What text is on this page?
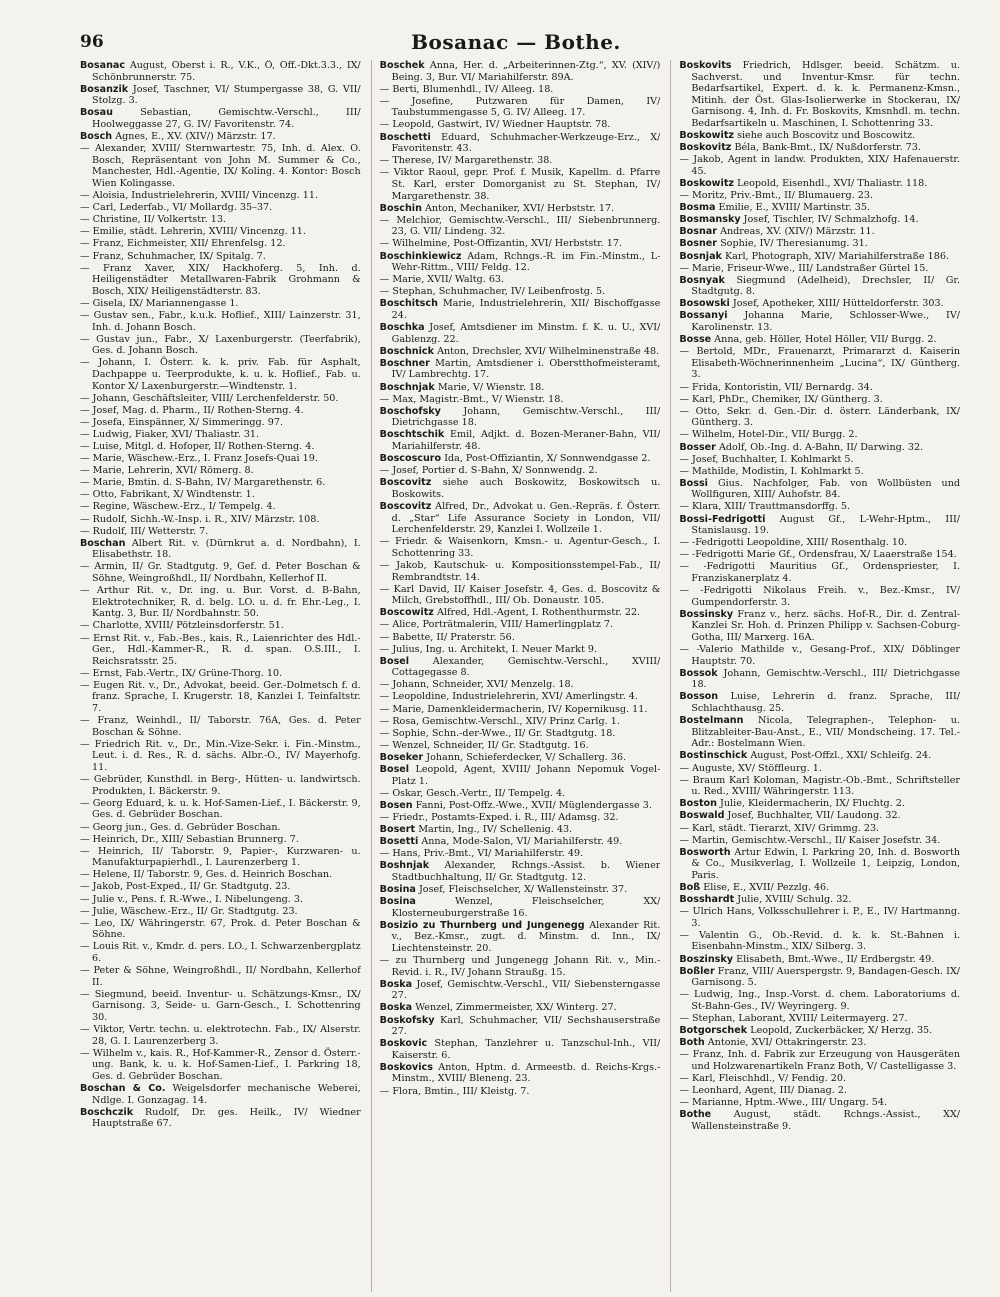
96	Bosanac — Bothe.

Bosanac August, Oberst i. R., V.K., Ö, Off.-Dkt.3.3., IX/ Schönbrunnerstr. 75.

Bosanzik Josef, Taschner, VI/ Stumpergasse 38, G. VII/ Stolzg. 3.

Bosau	Sebastian, Gemischtw.-Verschl., III/ Hoolweggasse 27, G. IV/ Favoritenstr. 74.

Bosch Agnes, E., XV. (XIV/) Märzstr. 17.

— Alexander, XVIII/ Sternwartestr. 75, Inh. d. Alex. O. Bosch, Repräsentant von John M. Summer & Co., Manchester, Hdl.-Agentie, IX/ Koling. 4. Kontor: Bosch Wien Kolingasse.

— Aloisia, Industrielehrerin, XVIII/ Vincenzg. 11.

— Carl, Lederfab., VI/ Mollardg. 35–37.

— Christine, II/ Volkertstr. 13.

— Emilie, städt. Lehrerin, XVIII/ Vincenzg. 11.

— Franz, Eichmeister, XII/ Ehrenfelsg. 12.

— Franz, Schuhmacher, IX/ Spitalg. 7.

— Franz Xaver, XIX/ Hackhoferg. 5, Inh. d. Heiligenstädter Metallwaren-Fabrik Grohmann & Bosch, XIX/ Heiligenstädterstr. 83.

— Gisela, IX/ Mariannengasse 1.

— Gustav sen., Fabr., k.u.k. Hoflief., XIII/ Lainzerstr. 31, Inh. d. Johann Bosch.

— Gustav jun., Fabr., X/ Laxenburgerstr. (Teerfabrik), Ges. d. Johann Bosch.

— Johann, I. Österr. k. k. priv. Fab. für Asphalt, Dachpappe u. Teerprodukte, k. u. k. Hoflief., Fab. u. Kontor X/ Laxenburgerstr.—Windtenstr. 1.

— Johann, Geschäftsleiter, VIII/ Lerchenfelderstr. 50.

— Josef, Mag. d. Pharm., II/ Rothen-Sterng. 4.

— Josefa, Einspänner, X/ Simmeringg. 97.

— Ludwig, Fiaker, XVI/ Thaliastr. 31.

— Luise, Mitgl. d. Hofoper, II/ Rothen-Sterng. 4.

— Marie, Wäschew.-Erz., I. Franz Josefs-Quai 19.

— Marie, Lehrerin, XVI/ Römerg. 8.

— Marie, Bmtin. d. S-Bahn, IV/ Margarethenstr. 6.

— Otto, Fabrikant, X/ Windtenstr. 1.

— Regine, Wäschew.-Erz., I/ Tempelg. 4.

— Rudolf, Sichh.-W.-Insp. i. R., XIV/ Märzstr. 108.

— Rudolf, III/ Wetterstr. 7.

Boschan Albert Rit. v. (Dürnkrut a. d. Nordbahn), I. Elisabethstr. 18.

— Armin, II/ Gr. Stadtgutg. 9, Gef. d. Peter Boschan & Söhne, Weingroßhdl., II/ Nordbahn, Kellerhof II.

— Arthur Rit. v., Dr. ing. u. Bur. Vorst. d. B-Bahn, Elektrotechniker, R. d. belg. LO. u. d. fr. Ehr.-Leg., I. Kantg. 3, Bur. II/ Nordbahnstr. 50.

— Charlotte, XVIII/ Pötzleinsdorferstr. 51.

— Ernst Rit. v., Fab.-Bes., kais. R., Laienrichter des Hdl.-Ger., Hdl.-Kammer-R., R. d. span. O.S.III., I. Reichsratsstr. 25.

— Ernst, Fab.-Vertr., IX/ Grüne-Thorg. 10.

— Eugen Rit. v., Dr., Advokat, beeid. Ger.-Dolmetsch f. d. franz. Sprache, I. Krugerstr. 18, Kanzlei I. Teinfaltstr. 7.

— Franz, Weinhdl., II/ Taborstr. 76A, Ges. d. Peter Boschan & Söhne.

— Friedrich Rit. v., Dr., Min.-Vize-Sekr. i. Fin.-Minstm., Leut. i. d. Res., R. d. sächs. Albr.-O., IV/ Mayerhofg. 11.

— Gebrüder, Kunsthdl. in Berg-, Hütten- u. landwirtsch. Produkten, I. Bäckerstr. 9.

— Georg Eduard, k. u. k. Hof-Samen-Lief., I. Bäckerstr. 9, Ges. d. Gebrüder Boschan.

— Georg jun., Ges. d. Gebrüder Boschan.

— Heinrich, Dr., XIII/ Sebastian Brunnerg. 7.

— Heinrich, II/ Taborstr. 9, Papier-, Kurzwaren- u. Manufakturpapierhdl., I. Laurenzerberg 1.

— Helene, II/ Taborstr. 9, Ges. d. Heinrich Boschan.

— Jakob, Post-Exped., II/ Gr. Stadtgutg. 23.

— Julie v., Pens. f. R.-Wwe., I. Nibelungeng. 3.

— Julie, Wäschew.-Erz., II/ Gr. Stadtgutg. 23.

— Leo, IX/ Währingerstr. 67, Prok. d. Peter Boschan & Söhne.

— Louis Rit. v., Kmdr. d. pers. LO., I. Schwarzenbergplatz 6.

— Peter & Söhne, Weingroßhdl., II/ Nordbahn, Kellerhof II.

— Siegmund, beeid. Inventur- u. Schätzungs-Kmsr., IX/ Garnisong. 3, Seide- u. Garn-Gesch., I. Schottenring 30.

— Viktor, Vertr. techn. u. elektrotechn. Fab., IX/ Alserstr. 28, G. I. Laurenzerberg 3.

— Wilhelm v., kais. R., Hof-Kammer-R., Zensor d. Österr.-ung. Bank, k. u. k. Hof-Samen-Lief., I. Parkring 18, Ges. d. Gebrüder Boschan.

Boschan & Co. Weigelsdorfer mechanische Weberei, Ndlge. I. Gonzagag. 14.

Boschczik Rudolf, Dr. ges. Heilk., IV/ Wiedner Hauptstraße 67.

Boschek Anna, Her. d. „Arbeiterinnen-Ztg.“, XV. (XIV/) Being. 3, Bur. VI/ Mariahilferstr. 89A.

— Berti, Blumenhdl., IV/ Alleeg. 18.

— Josefine, Putzwaren für Damen, IV/ Taubstummengasse 5, G. IV/ Alleeg. 17.

— Leopold, Gastwirt, IV/ Wiedner Hauptstr. 78.

Boschetti Eduard, Schuhmacher-Werkzeuge-Erz., X/ Favoritenstr. 43.

— Therese, IV/ Margarethenstr. 38.

— Viktor Raoul, gepr. Prof. f. Musik, Kapellm. d. Pfarre St. Karl, erster Domorganist zu St. Stephan, IV/ Margarethenstr. 38.

Boschin Anton, Mechaniker, XVI/ Herbststr. 17.

— Melchior, Gemischtw.-Verschl., III/ Siebenbrunnerg. 23, G. VII/ Lindeng. 32.

— Wilhelmine, Post-Offizantin, XVI/ Herbststr. 17.

Boschinkiewicz Adam, Rchngs.-R. im Fin.-Minstm., L-Wehr-Rittm., VIII/ Feldg. 12.

— Marie, XVII/ Waltg. 63.

— Stephan, Schuhmacher, IV/ Leibenfrostg. 5.

Boschitsch Marie, Industrielehrerin, XII/ Bischoffgasse 24.

Boschka Josef, Amtsdiener im Minstm. f. K. u. U., XVI/ Gablenzg. 22.

Boschnick Anton, Drechsler, XVI/ Wilhelminenstraße 48.

Boschner Martin, Amtsdiener i. Oberstthofmeisteramt, IV/ Lambrechtg. 17.

Boschnjak Marie, V/ Wienstr. 18.

— Max, Magistr.-Bmt., V/ Wienstr. 18.

Boschofsky Johann, Gemischtw.-Verschl., III/ Dietrichgasse 18.

Boschtschik Emil, Adjkt. d. Bozen-Meraner-Bahn, VII/ Mariahilferstr. 48.

Boscoscuro Ida, Post-Offiziantin, X/ Sonnwendgasse 2.

— Josef, Portier d. S-Bahn, X/ Sonnwendg. 2.

Boscovitz siehe auch Boskowitz, Boskowitsch u. Boskowits.

Boscovitz Alfred, Dr., Advokat u. Gen.-Repräs. f. Österr. d. „Star“ Life Assurance Society in London, VII/ Lerchenfelderstr. 29, Kanzlei I. Wollzeile 1.

— Friedr. & Waisenkorn, Kmsn.- u. Agentur-Gesch., I. Schottenring 33.

— Jakob, Kautschuk- u. Kompositionsstempel-Fab., II/ Rembrandtstr. 14.

— Karl David, II/ Kaiser Josefstr. 4, Ges. d. Boscovitz & Milch, Grebstoffhdl., III/ Ob. Donaustr. 105.

Boscowitz Alfred, Hdl.-Agent, I. Rothenthurmstr. 22.

— Alice, Porträtmalerin, VIII/ Hamerlingplatz 7.

— Babette, II/ Praterstr. 56.

— Julius, Ing. u. Architekt, I. Neuer Markt 9.

Bosel Alexander, Gemischtw.-Verschl., XVIII/ Cottagegasse 8.

— Johann, Schneider, XVI/ Menzelg. 18.

— Leopoldine, Industrielehrerin, XVI/ Amerlingstr. 4.

— Marie, Damenkleidermacherin, IV/ Kopernikusg. 11.

— Rosa, Gemischtw.-Verschl., XIV/ Prinz Carlg. 1.

— Sophie, Schn.-der-Wwe., II/ Gr. Stadtgutg. 18.

— Wenzel, Schneider, II/ Gr. Stadtgutg. 16.

Boseker Johann, Schieferdecker, V/ Schallerg. 36.

Bosel Leopold, Agent, XVIII/ Johann Nepomuk Vogel-Platz 1.

— Oskar, Gesch.-Vertr., II/ Tempelg. 4.

Bosen Fanni, Post-Offz.-Wwe., XVII/ Müglendergasse 3.

— Friedr., Postamts-Exped. i. R., III/ Adamsg. 32.

Bosert Martin, Ing., IV/ Schellenig. 43.

Bosetti Anna, Mode-Salon, VI/ Mariahilferstr. 49.

— Hans, Priv.-Bmt., VI/ Mariahilferstr. 49.

Boshnjak Alexander, Rchngs.-Assist. b. Wiener Stadtbuchhaltung, II/ Gr. Stadtgutg. 12.

Bosina Josef, Fleischselcher, X/ Wallensteinstr. 37.

Bosina	Wenzel, Fleischselcher, XX/ Klosterneuburgerstraße 16.

Bosizio zu Thurnberg und Jungenegg Alexander Rit. v., Bez.-Kmsr., zugt. d. Minstm. d. Inn., IX/ Liechtensteinstr. 20.

— zu Thurnberg und Jungenegg Johann Rit. v., Min.-Revid. i. R., IV/ Johann Straußg. 15.

Boska Josef, Gemischtw.-Verschl., VII/ Siebensterngasse 27.

Boska Wenzel, Zimmermeister, XX/ Winterg. 27.

Boskofsky Karl, Schuhmacher, VII/ Sechshauserstraße 27.

Boskovic Stephan, Tanzlehrer u. Tanzschul-Inh., VII/ Kaiserstr. 6.

Boskovics Anton, Hptm. d. Armeestb. d. Reichs-Krgs.-Minstm., XVIII/ Bleneng. 23.

— Flora, Bmtin., III/ Kleistg. 7.

Boskovits Friedrich, Hdlsger. beeid. Schätzm. u. Sachverst. und Inventur-Kmsr. für techn. Bedarfsartikel, Expert. d. k. k. Permanenz-Kmsn., Mitinh. der Öst. Glas-Isolierwerke in Stockerau, IX/ Garnisong. 4, Inh. d. Fr. Boskovits, Kmsnhdl. m. techn. Bedarfsartikeln u. Maschinen, I. Schottenring 33.

Boskowitz siehe auch Boscovitz und Boscowitz.

Boskovitz Béla, Bank-Bmt., IX/ Nußdorferstr. 73.

— Jakob, Agent in landw. Produkten, XIX/ Hafenauerstr. 45.

Boskowitz Leopold, Eisenhdl., XVI/ Thaliastr. 118.

— Moritz, Priv.-Bmt., II/ Blumauerg. 23.

Bosma Emilie, E., XVIII/ Martinstr. 35.

Bosmansky Josef, Tischler, IV/ Schmalzhofg. 14.

Bosnar Andreas, XV. (XIV/) Märzstr. 11.

Bosner Sophie, IV/ Theresianumg. 31.

Bosnjak Karl, Photograph, XIV/ Mariahilferstraße 186.

— Marie, Friseur-Wwe., III/ Landstraßer Gürtel 15.

Bosnyak Siegmund (Adelheid), Drechsler, II/ Gr. Stadtgutg. 8.

Bosowski Josef, Apotheker, XIII/ Hütteldorferstr. 303.

Bossanyi Johanna Marie, Schlosser-Wwe., IV/ Karolinenstr. 13.

Bosse Anna, geb. Höller, Hotel Höller, VII/ Burgg. 2.

— Bertold, MDr., Frauenarzt, Primararzt d. Kaiserin Elisabeth-Wöchnerinnenheim „Lucina“, IX/ Güntherg. 3.

— Frida, Kontoristin, VII/ Bernardg. 34.

— Karl, PhDr., Chemiker, IX/ Güntherg. 3.

— Otto, Sekr. d. Gen.-Dir. d. österr. Länderbank, IX/ Güntherg. 3.

— Wilhelm, Hotel-Dir., VII/ Burgg. 2.

Bosser Adolf, Ob.-Ing. d. A-Bahn, II/ Darwing. 32.

— Josef, Buchhalter, I. Kohlmarkt 5.

— Mathilde, Modistin, I. Kohlmarkt 5.

Bossi Gius. Nachfolger, Fab. von Wollbüsten und Wollfiguren, XIII/ Auhofstr. 84.

— Klara, XIII/ Trauttmansdorffg. 5.

Bossi-Fedrigotti August Gf., L-Wehr-Hptm., III/ Stanislausg. 19.

— -Fedrigotti Leopoldine, XIII/ Rosenthalg. 10.

— -Fedrigotti Marie Gf., Ordensfrau, X/ Laaerstraße 154.

— -Fedrigotti Mauritius Gf., Ordenspriester, I. Franziskanerplatz 4.

— -Fedrigotti Nikolaus Freih. v., Bez.-Kmsr., IV/ Gumpendorferstr. 3.

Bossinsky Franz v., herz. sächs. Hof-R., Dir. d. Zentral-Kanzlei Sr. Hoh. d. Prinzen Philipp v. Sachsen-Coburg-Gotha, III/ Marxerg. 16A.

— -Valerio Mathilde v., Gesang-Prof., XIX/ Döblinger Hauptstr. 70.

Bossok Johann, Gemischtw.-Verschl., III/ Dietrichgasse 18.

Bosson Luise, Lehrerin d. franz. Sprache, III/ Schlachthausg. 25.

Bostelmann Nicola, Telegraphen-, Telephon- u. Blitzableiter-Bau-Anst., E., VII/ Mondscheing. 17. Tel.-Adr.: Bostelmann Wien.

Bostinschick August, Post-Offzl., XXI/ Schleifg. 24.

— Auguste, XV/ Stöffleurg. 1.

— Braum Karl Koloman, Magistr.-Ob.-Bmt., Schriftsteller u. Red., XVIII/ Währingerstr. 113.

Boston Julie, Kleidermacherin, IX/ Fluchtg. 2.

Boswald Josef, Buchhalter, VII/ Laudong. 32.

— Karl, städt. Tierarzt, XIV/ Grimmg. 23.

— Martin, Gemischtw.-Verschl., II/ Kaiser Josefstr. 34.

Bosworth Artur Edwin, I. Parkring 20, Inh. d. Bosworth & Co., Musikverlag, I. Wollzeile 1, Leipzig, London, Paris.

Boß Elise, E., XVII/ Pezzlg. 46.

Bosshardt Julie, XVIII/ Schulg. 32.

— Ulrich Hans, Volksschullehrer i. P., E., IV/ Hartmanng. 3.

— Valentin G., Ob.-Revid. d. k. k. St.-Bahnen i. Eisenbahn-Minstm., XIX/ Silberg. 3.

Boszinsky Elisabeth, Bmt.-Wwe., II/ Erdbergstr. 49.

Boßler Franz, VIII/ Auerspergstr. 9, Bandagen-Gesch. IX/ Garnisong. 5.

— Ludwig, Ing., Insp.-Vorst. d. chem. Laboratoriums d. St-Bahn-Ges., IV/ Weyringerg. 9.

— Stephan, Laborant, XVIII/ Leitermayerg. 27.

Botgorschek Leopold, Zuckerbäcker, X/ Herzg. 35.

Both Antonie, XVI/ Ottakringerstr. 23.

— Franz, Inh. d. Fabrik zur Erzeugung von Hausgeräten und Holzwarenartikeln Franz Both, V/ Castelligasse 3.

— Karl, Fleischhdl., V/ Fendig. 20.

— Leonhard, Agent, III/ Dianag. 2.

— Marianne, Hptm.-Wwe., III/ Ungarg. 54.

Bothe August, städt. Rchngs.-Assist., XX/ Wallensteinstraße 9.
